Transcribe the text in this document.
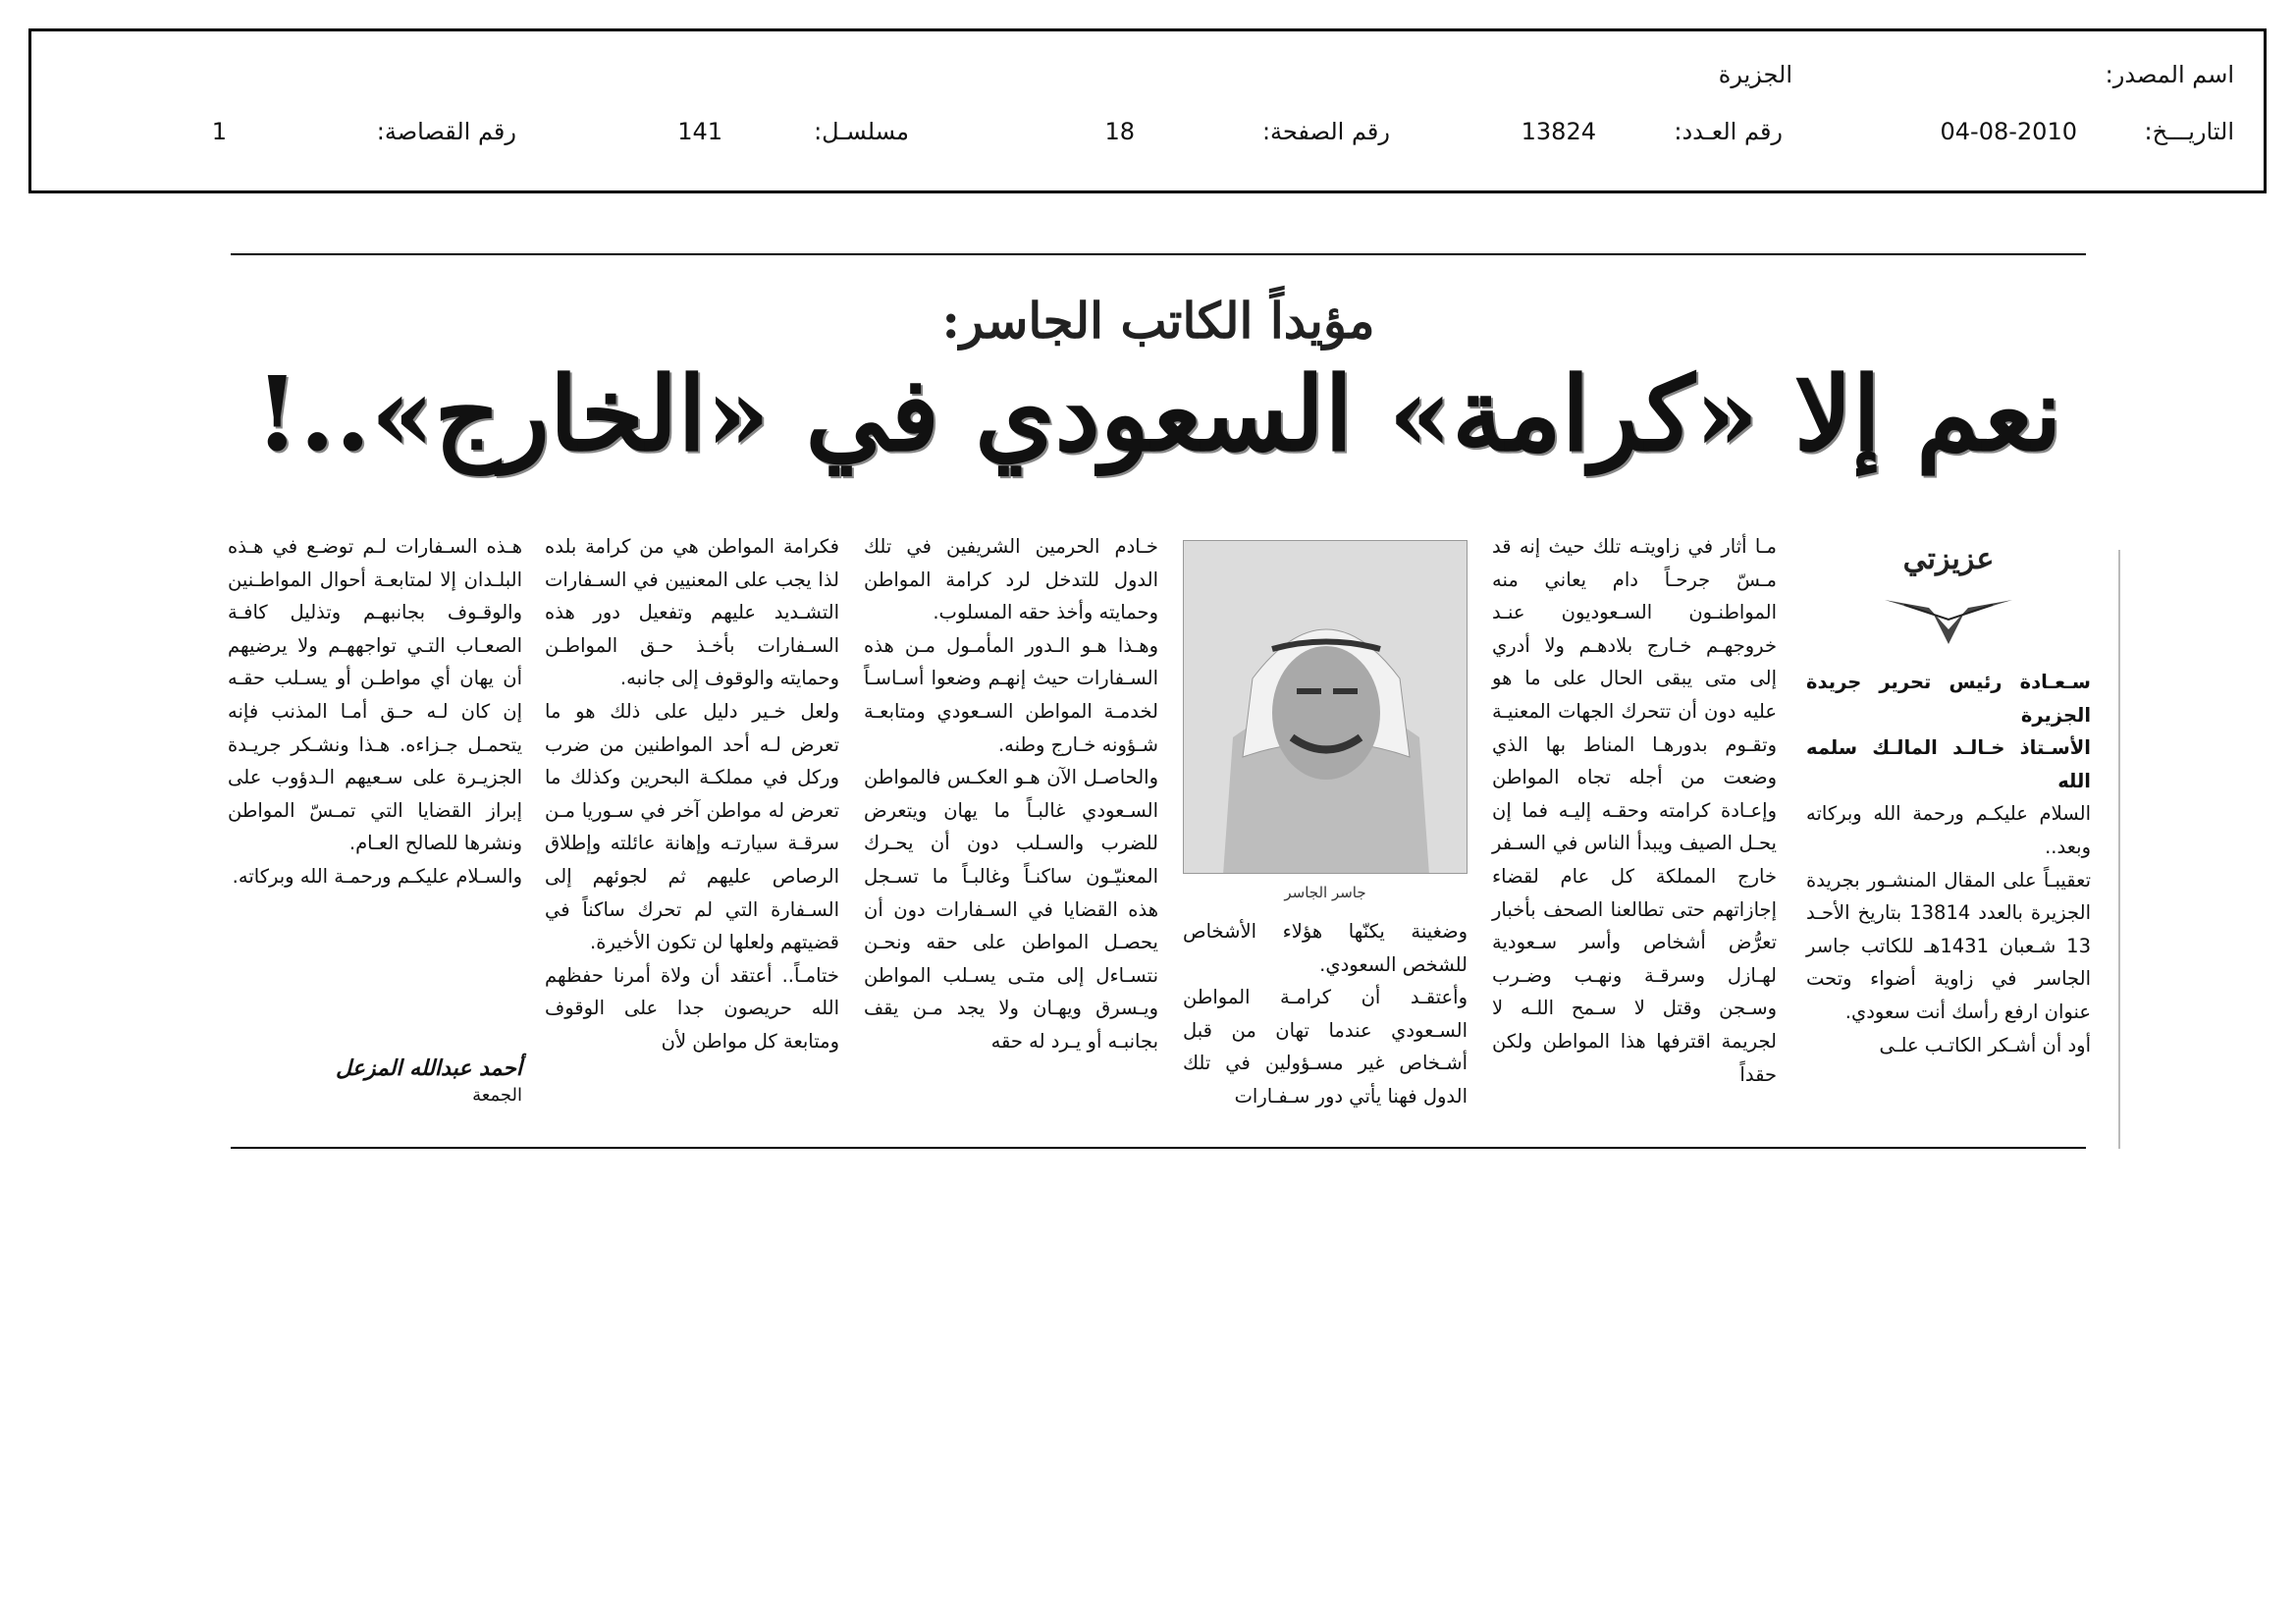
اسم المصدر:
الجزيرة
التاريـــخ:
04-08-2010
رقم العـدد:
13824
رقم الصفحة:
18
مسلسـل:
141
رقم القصاصة:
1
مؤيداً الكاتب الجاسر:
نعم إلا «كرامة» السعودي في «الخارج»..!
عزيزتي

سـعـادة رئيس تحرير جريدة الجزيرة

الأسـتاذ خـالـد المالـك سلمه الله

السلام عليكـم ورحمة الله وبركاته وبعد..

تعقيبـاً على المقال المنشـور بجريدة الجزيرة بالعدد 13814 بتاريخ الأحـد 13 شـعبان 1431هـ للكاتب جاسر الجاسر في زاوية أضواء وتحت عنوان ارفع رأسك أنت سعودي.

أود أن أشـكر الكاتـب علـى

مـا أثار في زاويتـه تلك حيث إنه قد مـسّ جرحـاً دام يعاني منه المواطنـون السـعوديون عنـد خروجهـم خـارج بلادهـم ولا أدري إلى متى يبقى الحال على ما هو عليه دون أن تتحرك الجهات المعنيـة وتقـوم بدورهـا المناط بها الذي وضعت من أجله تجاه المواطن وإعـادة كرامته وحقـه إليـه فما إن يحـل الصيف ويبدأ الناس في السـفر خارج المملكة كل عام لقضاء إجازاتهم حتى تطالعنا الصحف بأخبار تعرُّض أشخاص وأسر سـعودية لهـازل وسرقـة ونهـب وضـرب وسـجن وقتل لا سـمح اللـه لا لجريمة اقترفها هذا المواطن ولكن حقداً

جاسر الجاسر

وضغينة يكنّها هؤلاء الأشخاص للشخص السعودي.

وأعتقـد أن كرامـة المواطن السـعودي عندما تهان من قبل أشـخاص غير مسـؤولين في تلك الدول فهنا يأتي دور سـفـارات

خـادم الحرمين الشريفين في تلك الدول للتدخل لرد كرامة المواطن وحمايته وأخذ حقه المسلوب.

وهـذا هـو الـدور المأمـول مـن هذه السـفارات حيث إنهـم وضعوا أسـاسـاً لخدمـة المواطن السـعودي ومتابعـة شـؤونه خـارج وطنه.

والحاصـل الآن هـو العكـس فالمواطن السـعودي غالبـاً ما يهان ويتعرض للضرب والسـلب دون أن يحـرك المعنيّـون ساكنـاً وغالبـاً ما تسـجل هذه القضايا في السـفارات دون أن يحصـل المواطن على حقه ونحـن نتسـاءل إلى متـى يسـلب المواطن ويـسرق ويهـان ولا يجد مـن يقف بجانبـه أو يـرد له حقه

فكرامة المواطن هي من كرامة بلده لذا يجب على المعنيين في السـفارات التشـديد عليهم وتفعيل دور هذه السـفارات بأخـذ حـق المواطـن وحمايته والوقوف إلى جانبه.

ولعل خـير دليل على ذلك هو ما تعرض لـه أحد المواطنين من ضرب وركل في مملكـة البحرين وكذلك ما تعرض له مواطن آخر في سـوريا مـن سرقـة سيارتـه وإهانة عائلته وإطلاق الرصاص عليهم ثم لجوئهم إلى السـفارة التي لم تحرك ساكناً في قضيتهم ولعلها لن تكون الأخيرة.

ختامـاً.. أعتقد أن ولاة أمرنا حفظهم الله حريصون جدا على الوقوف ومتابعة كل مواطن لأن

هـذه السـفارات لـم توضـع في هـذه البلـدان إلا لمتابعـة أحوال المواطـنين والوقـوف بجانبهـم وتذليل كافـة الصعـاب التـي تواجههـم ولا يرضيهم أن يهان أي مواطـن أو يسـلب حقـه إن كان لـه حـق أمـا المذنب فإنه يتحمـل جـزاءه. هـذا ونشـكر جريـدة الجزيـرة على سـعيهم الـدؤوب على إبراز القضايا التي تمـسّ المواطن ونشرها للصالح العـام.

والسـلام عليكـم ورحمـة الله وبركاته.

أحمد عبدالله المزعل
الجمعة
